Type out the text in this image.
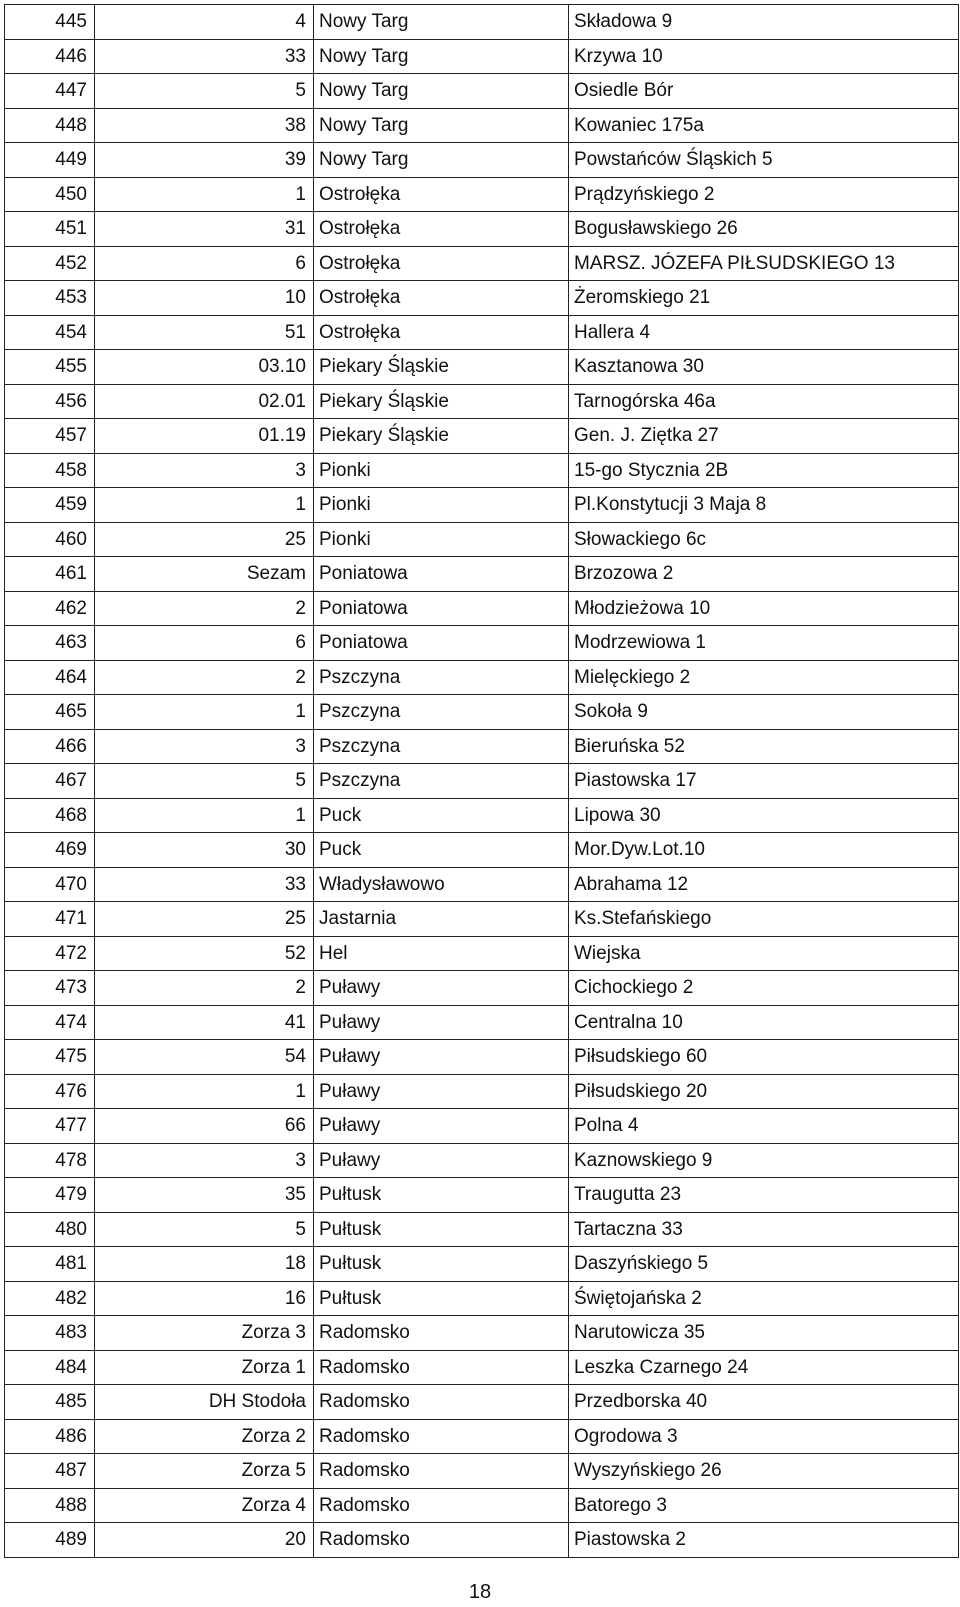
445	4	Nowy Targ	Składowa 9
446	33	Nowy Targ	Krzywa 10
447	5	Nowy Targ	Osiedle Bór
448	38	Nowy Targ	Kowaniec 175a
449	39	Nowy Targ	Powstańców Śląskich 5
450	1	Ostrołęka	Prądzyńskiego 2
451	31	Ostrołęka	Bogusławskiego 26
452	6	Ostrołęka	MARSZ. JÓZEFA PIŁSUDSKIEGO 13
453	10	Ostrołęka	Żeromskiego 21
454	51	Ostrołęka	Hallera 4
455	03.10	Piekary Śląskie	Kasztanowa 30
456	02.01	Piekary Śląskie	Tarnogórska 46a
457	01.19	Piekary Śląskie	Gen. J. Ziętka 27
458	3	Pionki	15-go Stycznia 2B
459	1	Pionki	Pl.Konstytucji 3 Maja 8
460	25	Pionki	Słowackiego 6c
461	Sezam	Poniatowa	Brzozowa 2
462	2	Poniatowa	Młodzieżowa 10
463	6	Poniatowa	Modrzewiowa 1
464	2	Pszczyna	Mielęckiego 2
465	1	Pszczyna	Sokoła 9
466	3	Pszczyna	Bieruńska 52
467	5	Pszczyna	Piastowska 17
468	1	Puck	Lipowa 30
469	30	Puck	Mor.Dyw.Lot.10
470	33	Władysławowo	Abrahama 12
471	25	Jastarnia	Ks.Stefańskiego
472	52	Hel	Wiejska
473	2	Puławy	Cichockiego 2
474	41	Puławy	Centralna 10
475	54	Puławy	Piłsudskiego 60
476	1	Puławy	Piłsudskiego 20
477	66	Puławy	Polna 4
478	3	Puławy	Kaznowskiego 9
479	35	Pułtusk	Traugutta 23
480	5	Pułtusk	Tartaczna 33
481	18	Pułtusk	Daszyńskiego 5
482	16	Pułtusk	Świętojańska 2
483	Zorza 3	Radomsko	Narutowicza 35
484	Zorza 1	Radomsko	Leszka Czarnego 24
485	DH Stodoła	Radomsko	Przedborska 40
486	Zorza 2	Radomsko	Ogrodowa 3
487	Zorza 5	Radomsko	Wyszyńskiego 26
488	Zorza 4	Radomsko	Batorego 3
489	20	Radomsko	Piastowska 2
18
